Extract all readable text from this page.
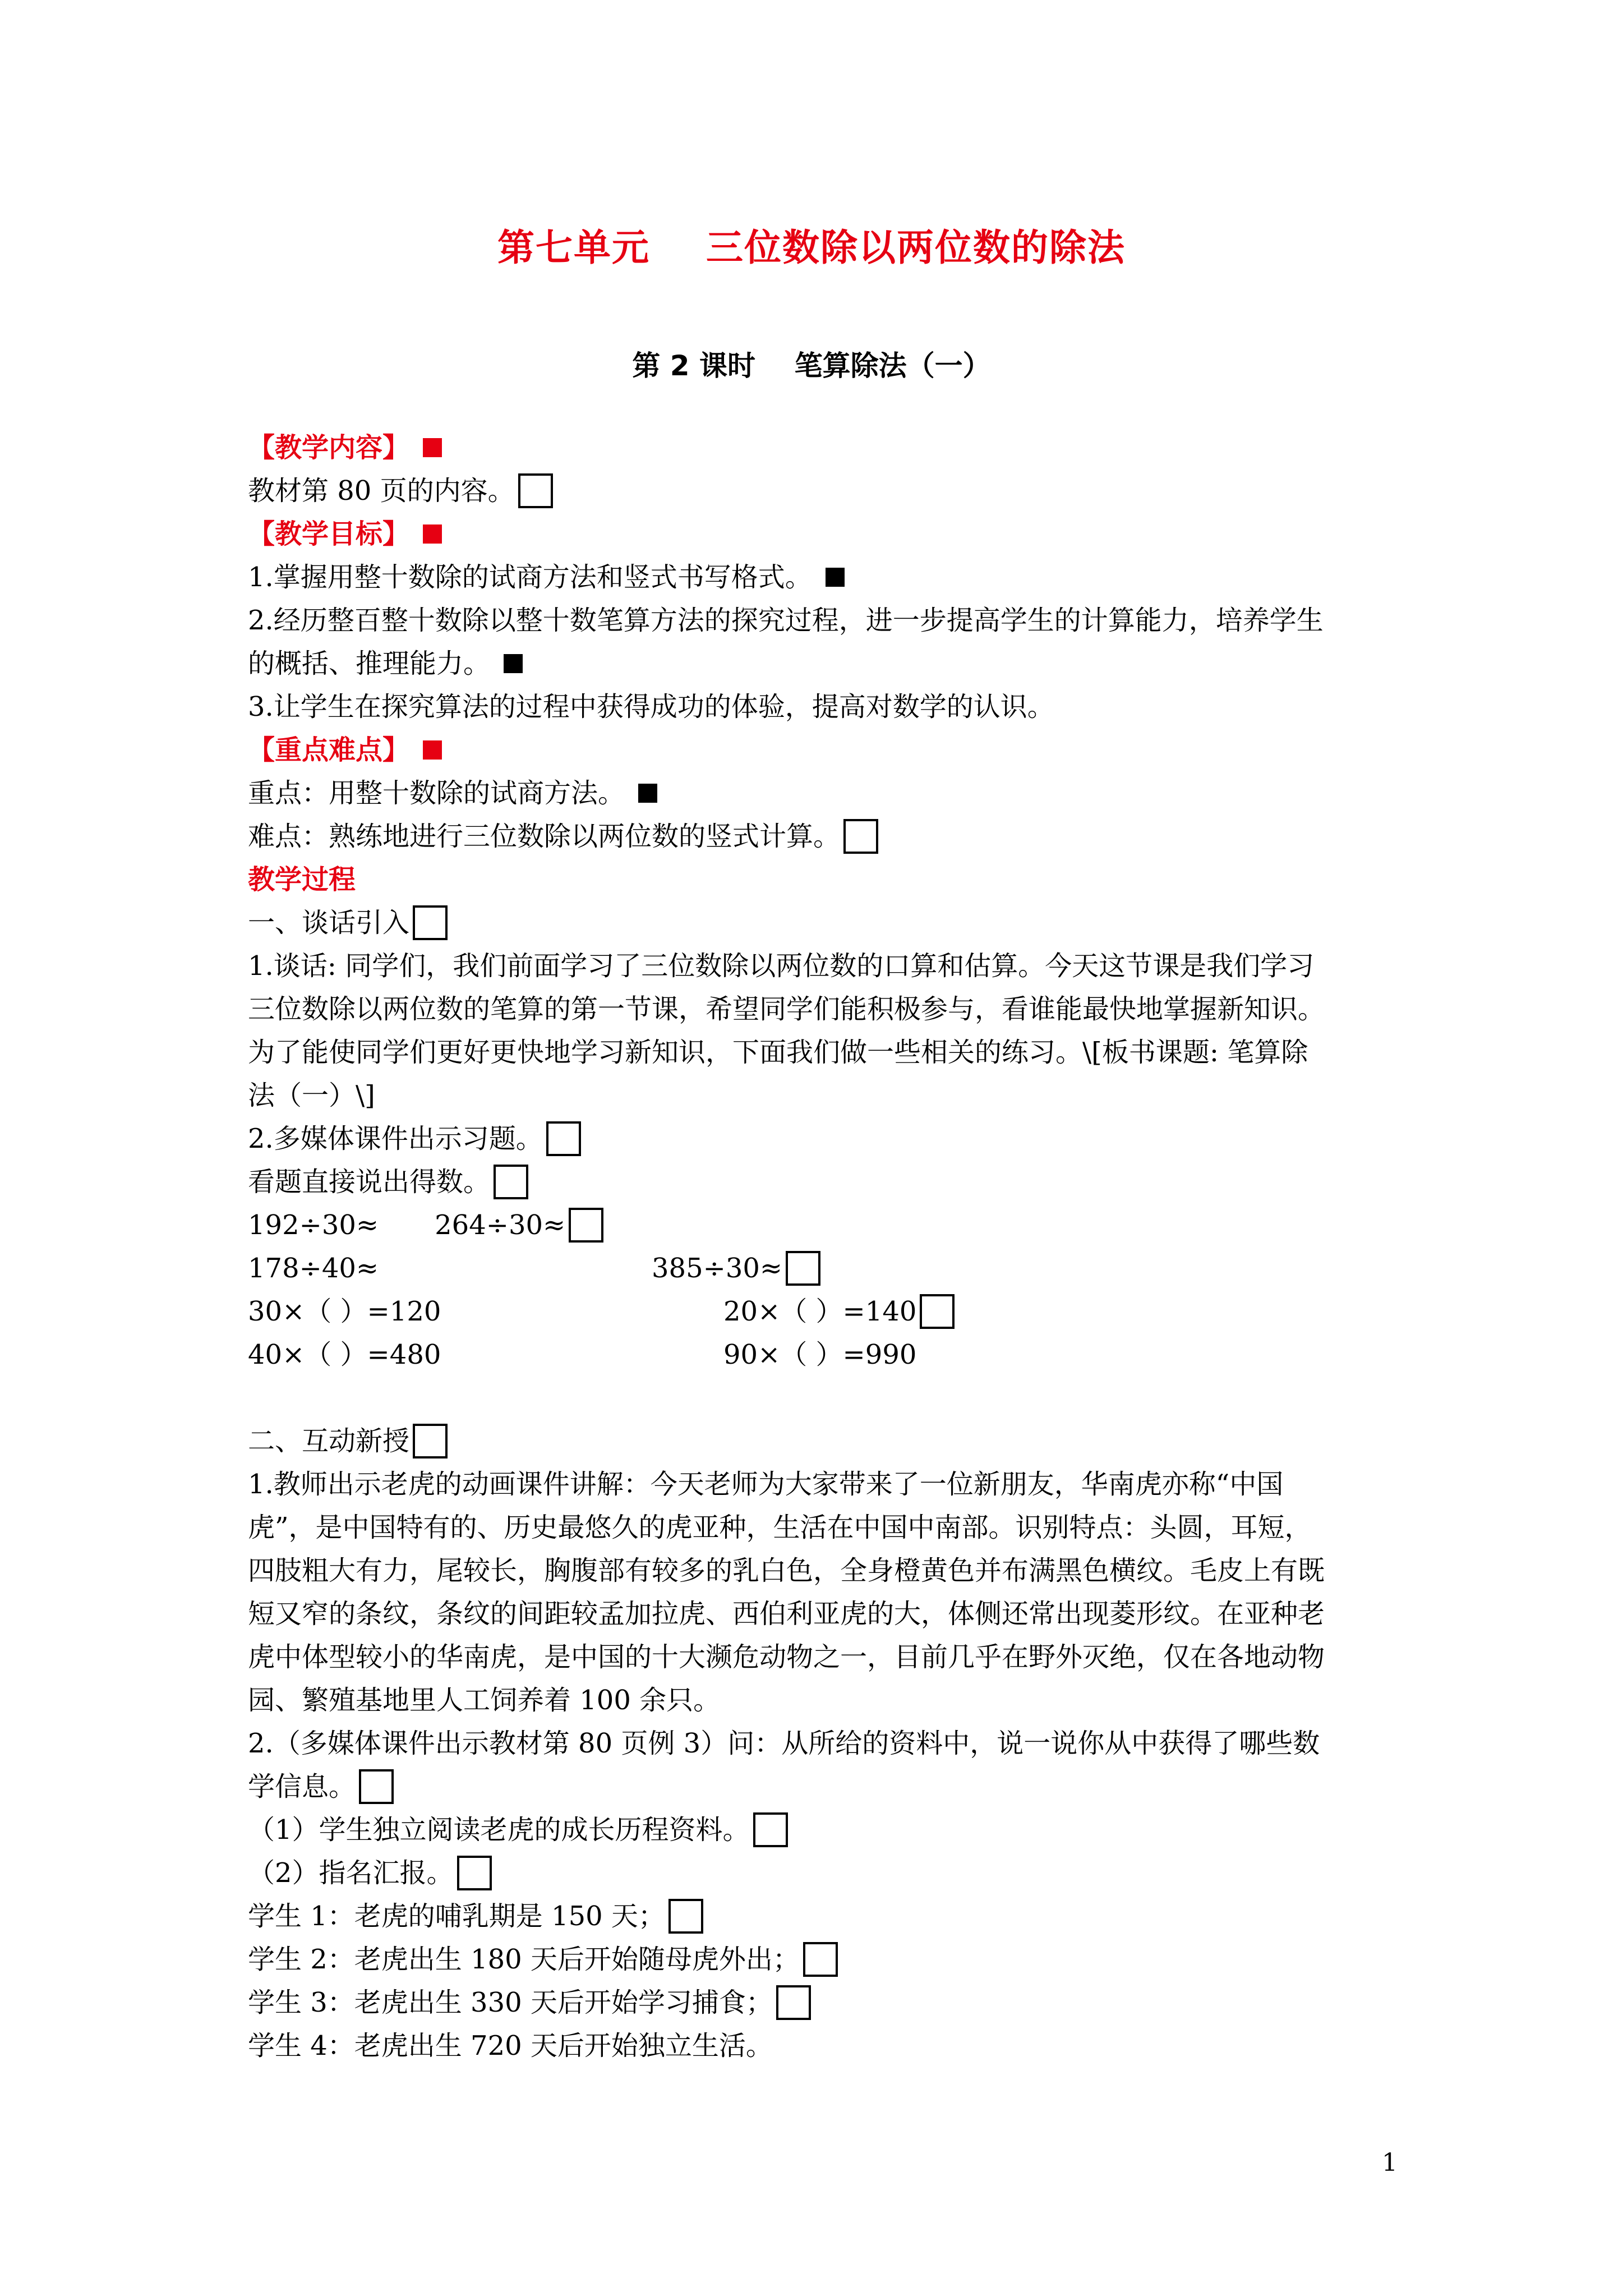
第七单元 三位数除以两位数的除法
第 2 课时    笔算除法（一）
【教学内容】
教材第 80 页的内容。
【教学目标】
1.掌握用整十数除的试商方法和竖式书写格式。
2.经历整百整十数除以整十数笔算方法的探究过程，进一步提高学生的计算能力，培养学生
的概括、推理能力。
3.让学生在探究算法的过程中获得成功的体验，提高对数学的认识。
【重点难点】
重点：用整十数除的试商方法。
难点：熟练地进行三位数除以两位数的竖式计算。
教学过程
一、谈话引入
1.谈话: 同学们，我们前面学习了三位数除以两位数的口算和估算。今天这节课是我们学习
三位数除以两位数的笔算的第一节课，希望同学们能积极参与，看谁能最快地掌握新知识。
为了能使同学们更好更快地学习新知识，下面我们做一些相关的练习。\[板书课题: 笔算除
法（一）\]
2.多媒体课件出示习题。
看题直接说出得数。
192÷30≈ 264÷30≈
178÷40≈	385÷30≈
30×（ ）=120	20×（ ）=140
40×（ ）=480	90×（ ）=990
二、互动新授
1.教师出示老虎的动画课件讲解：今天老师为大家带来了一位新朋友，华南虎亦称“中国
虎”，是中国特有的、历史最悠久的虎亚种，生活在中国中南部。识别特点：头圆，耳短，
四肢粗大有力，尾较长，胸腹部有较多的乳白色，全身橙黄色并布满黑色横纹。毛皮上有既
短又窄的条纹，条纹的间距较孟加拉虎、西伯利亚虎的大，体侧还常出现菱形纹。在亚种老
虎中体型较小的华南虎，是中国的十大濒危动物之一，目前几乎在野外灭绝，仅在各地动物
园、繁殖基地里人工饲养着 100 余只。
2.（多媒体课件出示教材第 80 页例 3）问：从所给的资料中，说一说你从中获得了哪些数
学信息。
（1）学生独立阅读老虎的成长历程资料。
（2）指名汇报。
学生 1：老虎的哺乳期是 150 天；
学生 2：老虎出生 180 天后开始随母虎外出；
学生 3：老虎出生 330 天后开始学习捕食；
学生 4：老虎出生 720 天后开始独立生活。
1
